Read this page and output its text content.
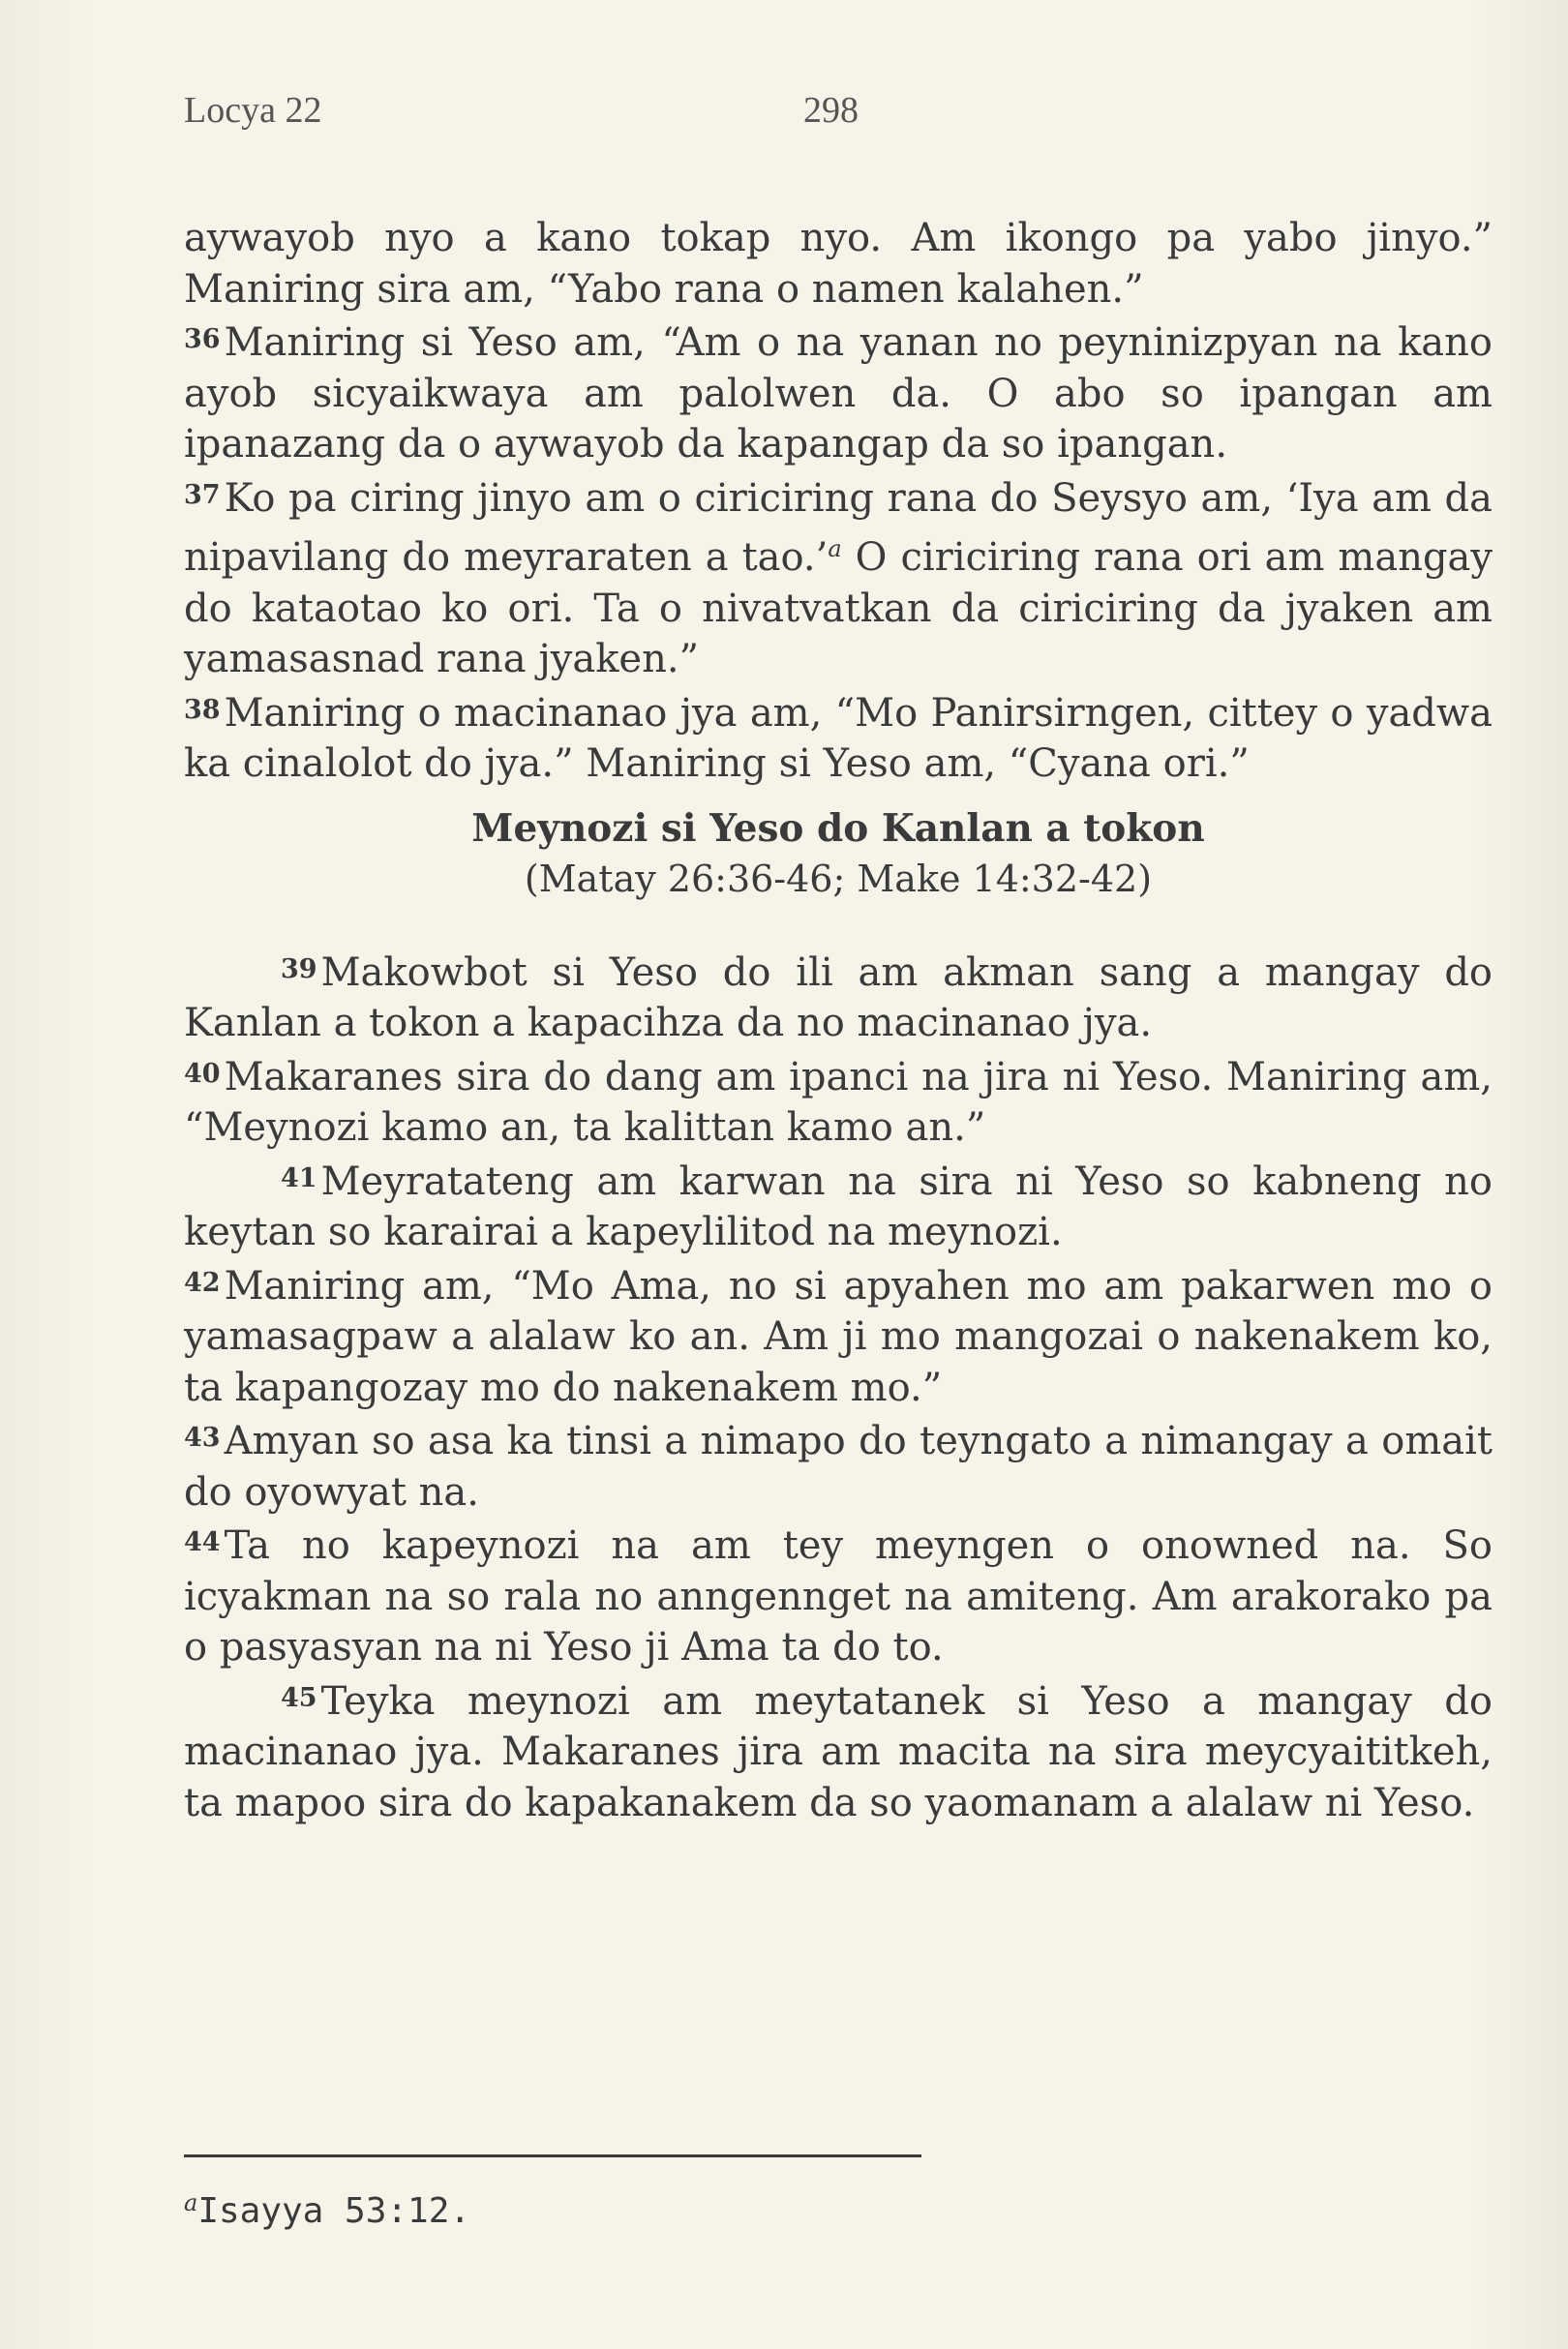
Locya 22	298

aywayob nyo a kano tokap nyo. Am ikongo pa yabo jinyo.” Maniring sira am, “Yabo rana o namen kalahen.”

$^{36}$ Maniring si Yeso am, “Am o na yanan no peyninizpyan na kano ayob sicyaikwaya am palolwen da. O abo so ipangan am ipanazang da o aywayob da kapangap da so ipangan.

$^{37}$ Ko pa ciring jinyo am o ciriciring rana do Seysyo am, ‘Iya am da nipavilang do meyraraten a tao.’$^a$ O ciriciring rana ori am mangay do kataotao ko ori. Ta o nivatvatkan da ciriciring da jyaken am yamasasnad rana jyaken.”

$^{38}$ Maniring o macinanao jya am, “Mo Panirsirngen, cittey o yadwa ka cinalolot do jya.” Maniring si Yeso am, “Cyana ori.”

Meynozi si Yeso do Kanlan a tokon
(Matay 26:36-46; Make 14:32-42)

$^{39}$ Makowbot si Yeso do ili am akman sang a mangay do Kanlan a tokon a kapacihza da no macinanao jya.

$^{40}$ Makaranes sira do dang am ipanci na jira ni Yeso. Maniring am, “Meynozi kamo an, ta kalittan kamo an.”

$^{41}$ Meyratateng am karwan na sira ni Yeso so kabneng no keytan so karairai a kapeylilitod na meynozi.

$^{42}$ Maniring am, “Mo Ama, no si apyahen mo am pakarwen mo o yamasagpaw a alalaw ko an. Am ji mo mangozai o nakenakem ko, ta kapangozay mo do nakenakem mo.”

$^{43}$ Amyan so asa ka tinsi a nimapo do teyngato a nimangay a omait do oyowyat na.

$^{44}$ Ta no kapeynozi na am tey meyngen o onowned na. So icyakman na so rala no anngennget na amiteng. Am arakorako pa o pasyasyan na ni Yeso ji Ama ta do to.

$^{45}$ Teyka meynozi am meytatanek si Yeso a mangay do macinanao jya. Makaranes jira am macita na sira meycyaititkeh, ta mapoo sira do kapakanakem da so yaomanam a alalaw ni Yeso.

$^a$Isayya 53:12.
